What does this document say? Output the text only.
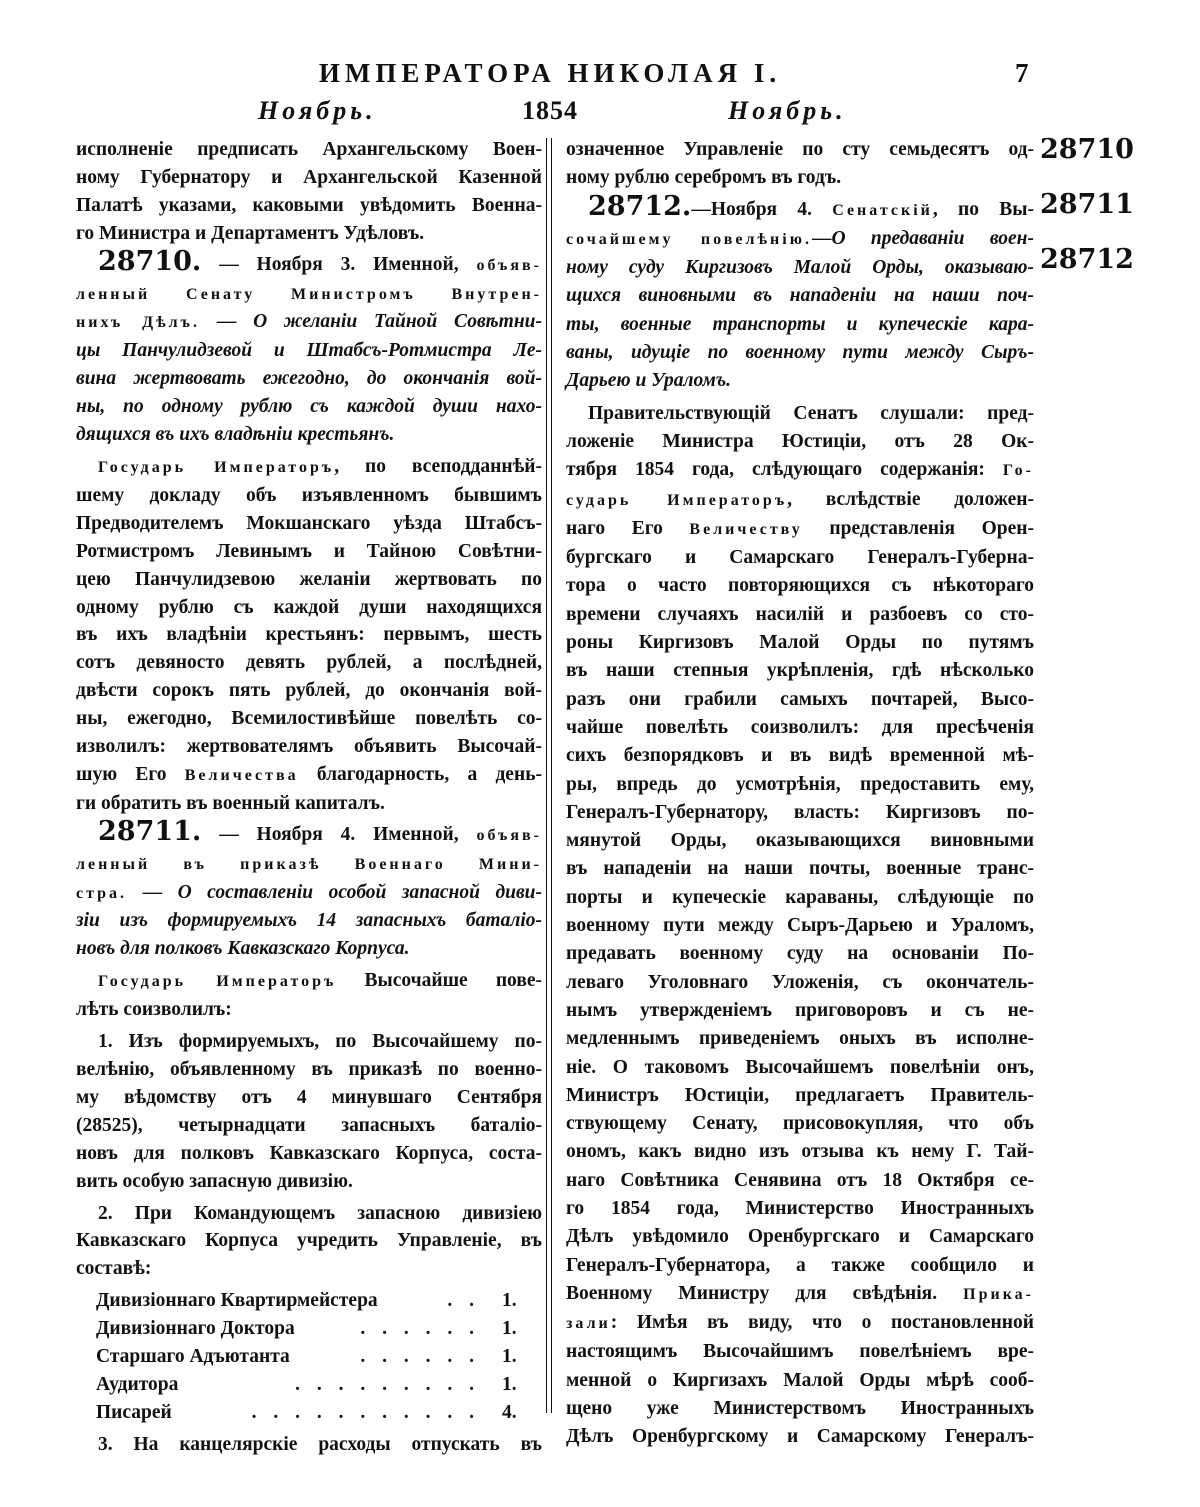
ИМПЕРАТОРА НИКОЛАЯ I.	7
Ноябрь.	1854	Ноябрь.
исполненіе предписать Архангельскому Воен-
ному Губернатору и Архангельской Казенной
Палатѣ указами, каковыми увѣдомить Военна-
го Министра и Департаментъ Удѣловъ.
28710. — Ноября 3. Именной, объяв-
ленный Сенату Министромъ Внутрен-
нихъ Дѣлъ. — О желаніи Тайной Совѣтни-
цы Панчулидзевой и Штабсъ-Ротмистра Ле-
вина жертвовать ежегодно, до окончанія вой-
ны, по одному рублю съ каждой души нахо-
дящихся въ ихъ владѣніи крестьянъ.
Государь Императоръ, по всеподданнѣй-
шему докладу объ изъявленномъ бывшимъ
Предводителемъ Мокшанскаго уѣзда Штабсъ-
Ротмистромъ Левинымъ и Тайною Совѣтни-
цею Панчулидзевою желаніи жертвовать по
одному рублю съ каждой души находящихся
въ ихъ владѣніи крестьянъ: первымъ, шесть
сотъ девяносто девять рублей, а послѣдней,
двѣсти сорокъ пять рублей, до окончанія вой-
ны, ежегодно, Всемилостивѣйше повелѣть со-
изволилъ: жертвователямъ объявить Высочай-
шую Его Величества благодарность, а день-
ги обратить въ военный капиталъ.
28711. — Ноября 4. Именной, объяв-
ленный въ приказѣ Военнаго Мини-
стра. — О составленіи особой запасной диви-
зіи изъ формируемыхъ 14 запасныхъ баталіо-
новъ для полковъ Кавказскаго Корпуса.
Государь Императоръ Высочайше пове-
лѣть соизволилъ:
1. Изъ формируемыхъ, по Высочайшему по-
велѣнію, объявленному въ приказѣ по военно-
му вѣдомству отъ 4 минувшаго Сентября
(28525), четырнадцати запасныхъ баталіо-
новъ для полковъ Кавказскаго Корпуса, соста-
вить особую запасную дивизію.
2. При Командующемъ запасною дивизіею
Кавказскаго Корпуса учредить Управленіе, въ
составѣ:
Дивизіоннаго Квартирмейстера	. .	1.
Дивизіоннаго Доктора	. . . . . .	1.
Старшаго Адъютанта	. . . . . .	1.
Аудитора	. . . . . . . . .	1.
Писарей	. . . . . . . . . . .	4.
3. На канцелярскіе расходы отпускать въ
означенное Управленіе по сту семьдесятъ од-
ному рублю серебромъ въ годъ.
28712.—Ноября 4. Сенатскій, по Вы-
сочайшему повелѣнію.—О предаваніи воен-
ному суду Киргизовъ Малой Орды, оказываю-
щихся виновными въ нападеніи на наши поч-
ты, военные транспорты и купеческіе кара-
ваны, идущіе по военному пути между Сыръ-
Дарьею и Ураломъ.
Правительствующій Сенатъ слушали: пред-
ложеніе Министра Юстиціи, отъ 28 Ок-
тября 1854 года, слѣдующаго содержанія: Го-
сударь Императоръ, вслѣдствіе доложен-
наго Его Величеству представленія Орен-
бургскаго и Самарскаго Генералъ-Губерна-
тора о часто повторяющихся съ нѣкотораго
времени случаяхъ насилій и разбоевъ со сто-
роны Киргизовъ Малой Орды по путямъ
въ наши степныя укрѣпленія, гдѣ нѣсколько
разъ они грабили самыхъ почтарей, Высо-
чайше повелѣть соизволилъ: для пресѣченія
сихъ безпорядковъ и въ видѣ временной мѣ-
ры, впредь до усмотрѣнія, предоставить ему,
Генералъ-Губернатору, власть: Киргизовъ по-
мянутой Орды, оказывающихся виновными
въ нападеніи на наши почты, военные транс-
порты и купеческіе караваны, слѣдующіе по
военному пути между Сыръ-Дарьею и Ураломъ,
предавать военному суду на основаніи По-
леваго Уголовнаго Уложенія, съ окончатель-
нымъ утвержденіемъ приговоровъ и съ не-
медленнымъ приведеніемъ оныхъ въ исполне-
ніе. О таковомъ Высочайшемъ повелѣніи онъ,
Министръ Юстиціи, предлагаетъ Правитель-
ствующему Сенату, присовокупляя, что объ
ономъ, какъ видно изъ отзыва къ нему Г. Тай-
наго Совѣтника Сенявина отъ 18 Октября се-
го 1854 года, Министерство Иностранныхъ
Дѣлъ увѣдомило Оренбургскаго и Самарскаго
Генералъ-Губернатора, а также сообщило и
Военному Министру для свѣдѣнія. Прика-
зали: Имѣя въ виду, что о постановленной
настоящимъ Высочайшимъ повелѣніемъ вре-
менной о Киргизахъ Малой Орды мѣрѣ сооб-
щено уже Министерствомъ Иностранныхъ
Дѣлъ Оренбургскому и Самарскому Генералъ-
28710
28711
28712
